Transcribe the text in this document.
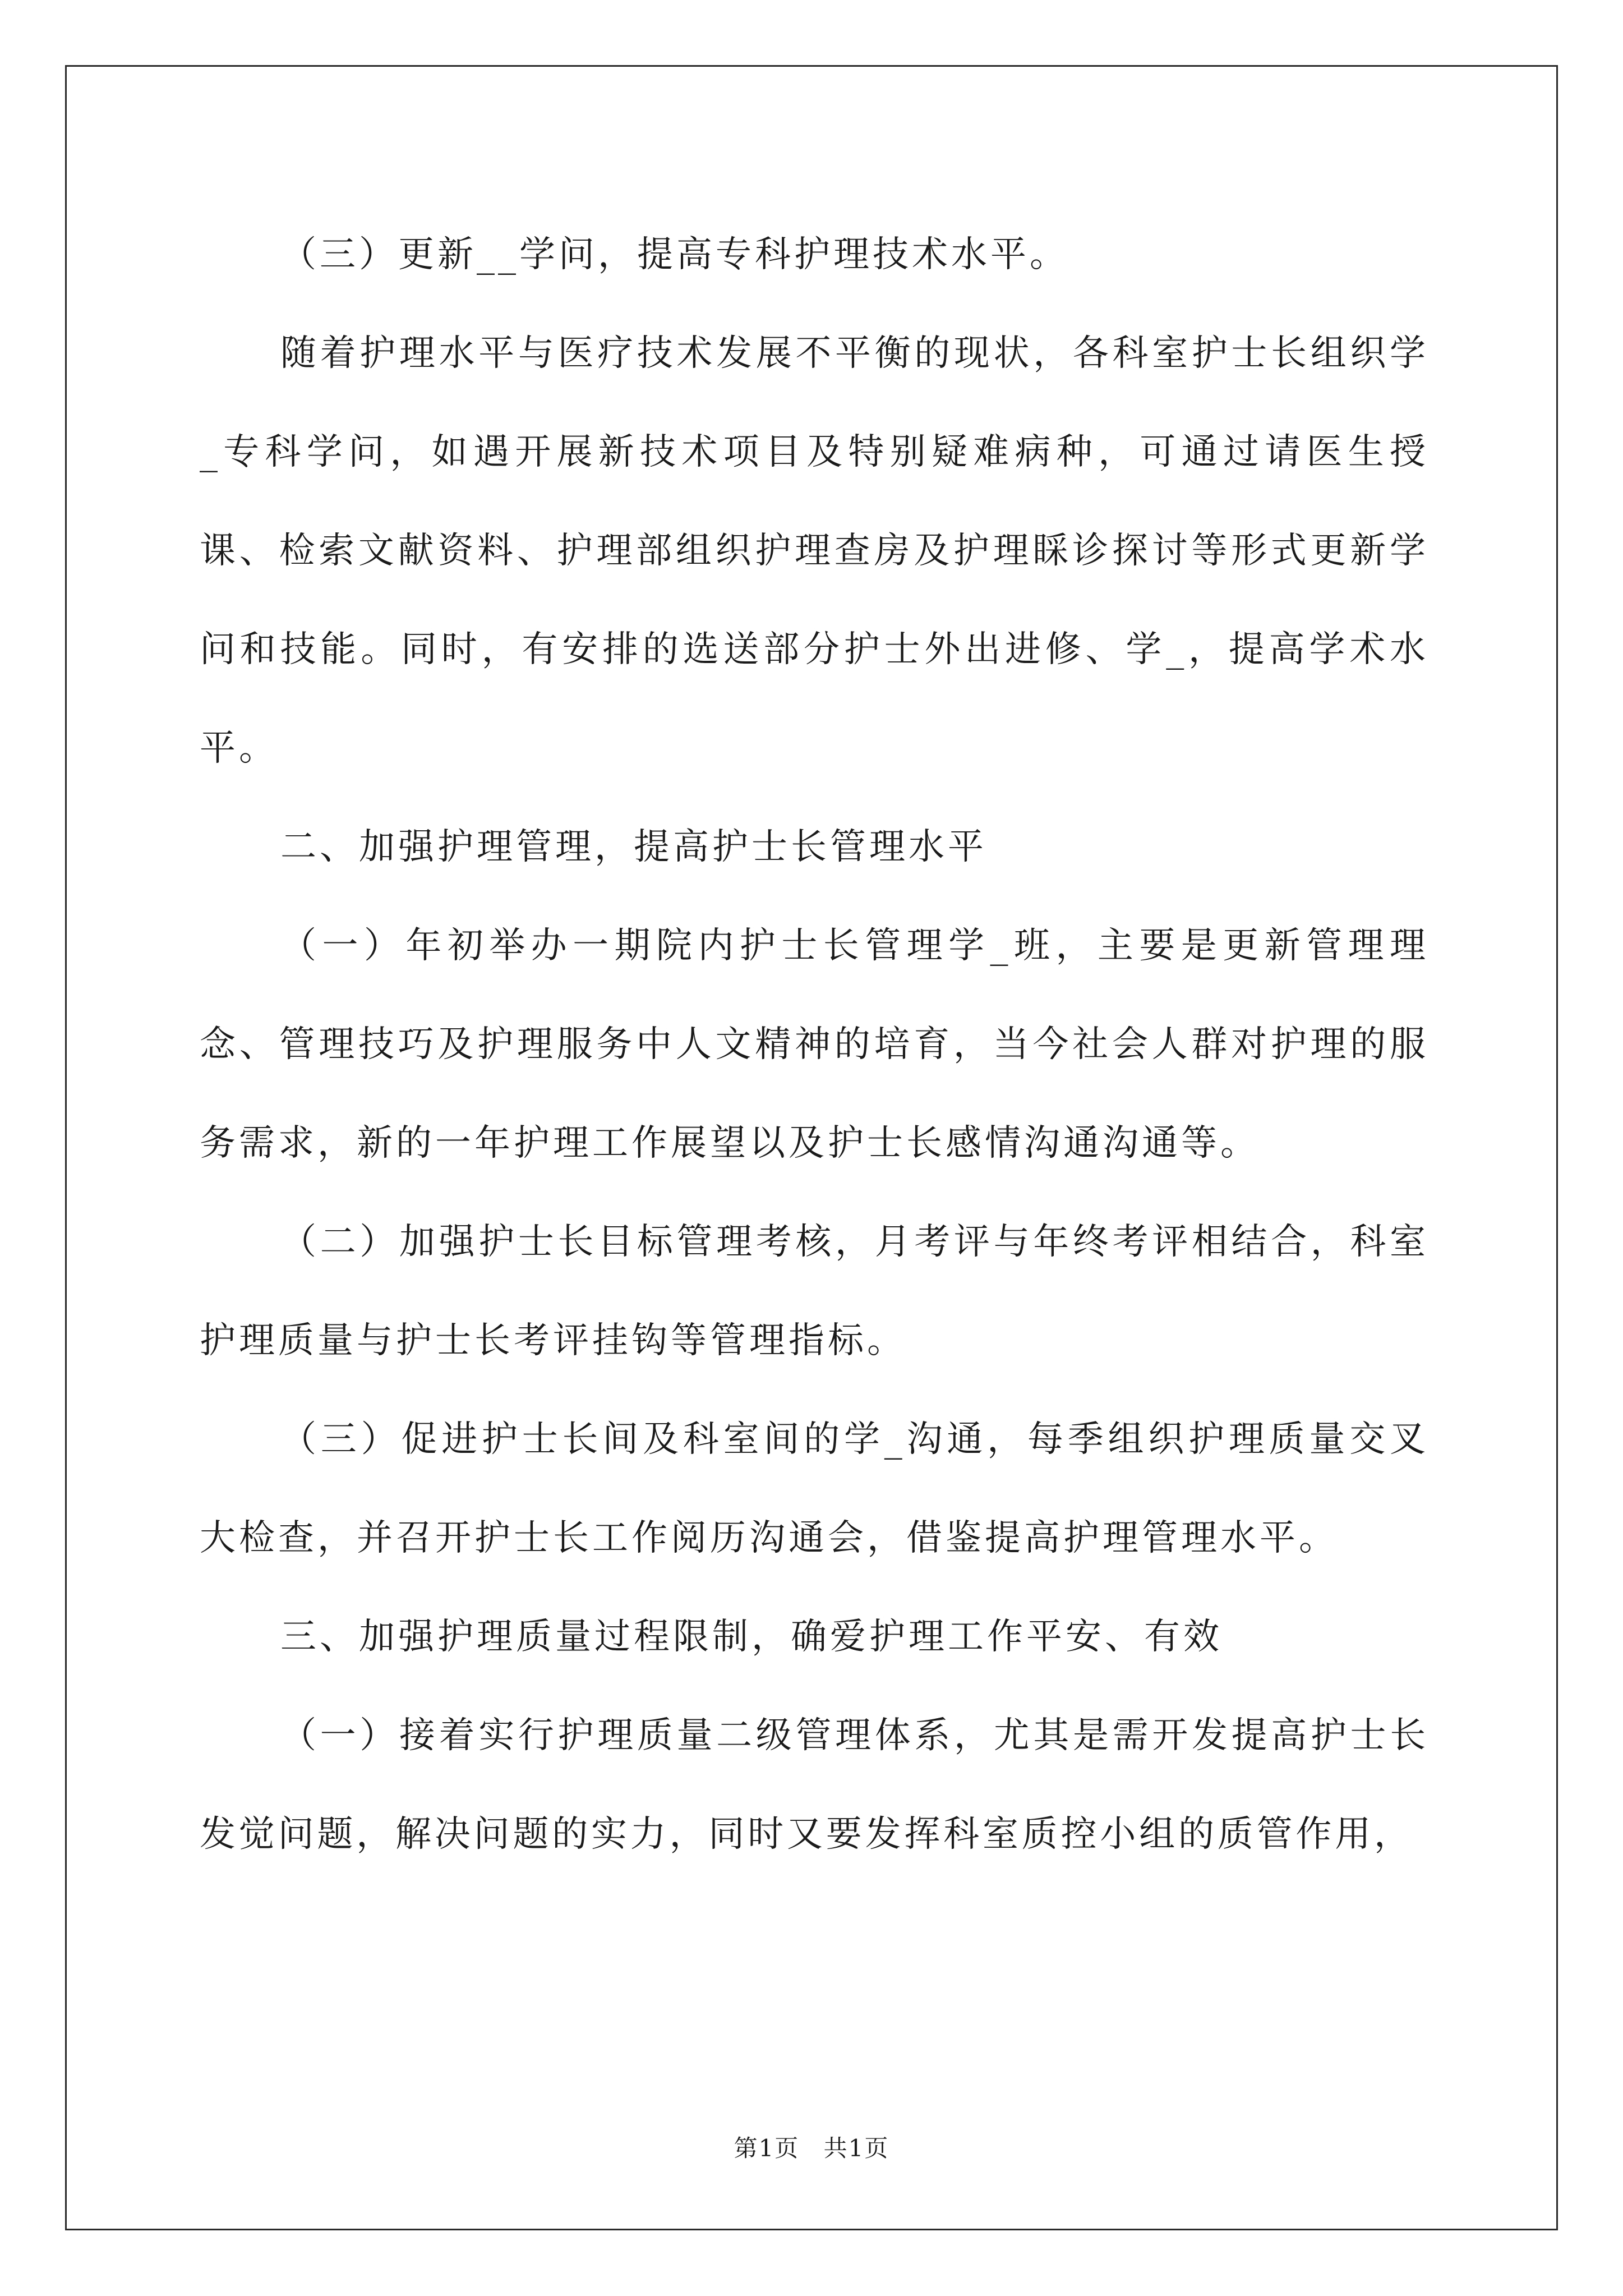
（三）更新__学问，提高专科护理技术水平。

随着护理水平与医疗技术发展不平衡的现状，各科室护士长组织学_专科学问，如遇开展新技术项目及特别疑难病种，可通过请医生授课、检索文献资料、护理部组织护理查房及护理睬诊探讨等形式更新学问和技能。同时，有安排的选送部分护士外出进修、学_，提高学术水平。

二、加强护理管理，提高护士长管理水平

（一）年初举办一期院内护士长管理学_班，主要是更新管理理念、管理技巧及护理服务中人文精神的培育，当今社会人群对护理的服务需求，新的一年护理工作展望以及护士长感情沟通沟通等。

（二）加强护士长目标管理考核，月考评与年终考评相结合，科室护理质量与护士长考评挂钩等管理指标。

（三）促进护士长间及科室间的学_沟通，每季组织护理质量交叉大检查，并召开护士长工作阅历沟通会，借鉴提高护理管理水平。

三、加强护理质量过程限制，确爱护理工作平安、有效

（一）接着实行护理质量二级管理体系，尤其是需开发提高护士长发觉问题，解决问题的实力，同时又要发挥科室质控小组的质管作用，

第1页 共1页
